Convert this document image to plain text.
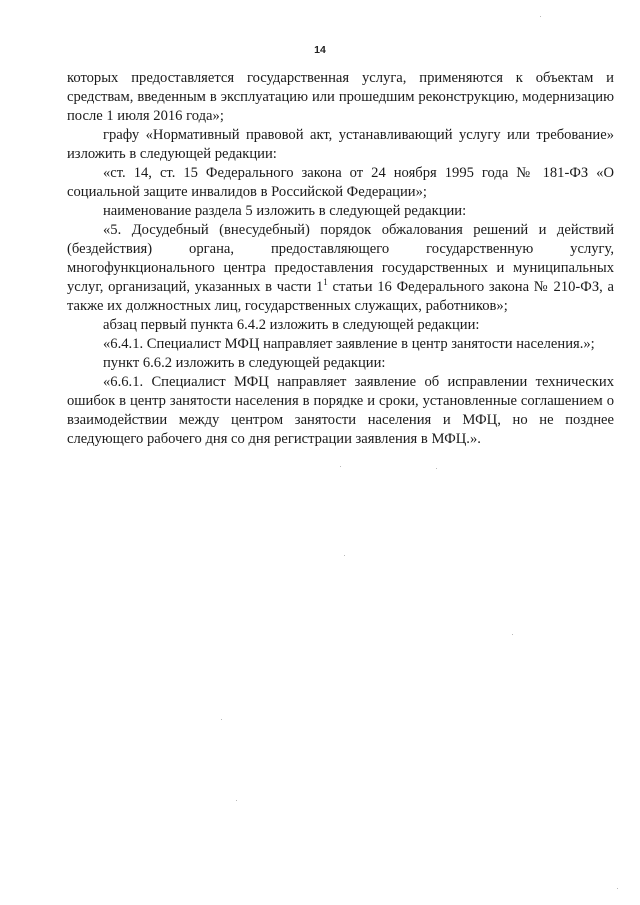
14

которых предоставляется государственная услуга, применяются к объектам и средствам, введенным в эксплуатацию или прошедшим реконструкцию, модернизацию после 1 июля 2016 года»;

графу «Нормативный правовой акт, устанавливающий услугу или требование» изложить в следующей редакции:

«ст. 14, ст. 15 Федерального закона от 24 ноября 1995 года № 181-ФЗ «О социальной защите инвалидов в Российской Федерации»;

наименование раздела 5 изложить в следующей редакции:

«5. Досудебный (внесудебный) порядок обжалования решений и действий (бездействия) органа, предоставляющего государственную услугу, многофункционального центра предоставления государственных и муниципальных услуг, организаций, указанных в части 1$^1$ статьи 16 Федерального закона № 210-ФЗ, а также их должностных лиц, государственных служащих, работников»;

абзац первый пункта 6.4.2 изложить в следующей редакции:

«6.4.1. Специалист МФЦ направляет заявление в центр занятости населения.»;

пункт 6.6.2 изложить в следующей редакции:

«6.6.1. Специалист МФЦ направляет заявление об исправлении технических ошибок в центр занятости населения в порядке и сроки, установленные соглашением о взаимодействии между центром занятости населения и МФЦ, но не позднее следующего рабочего дня со дня регистрации заявления в МФЦ.».
